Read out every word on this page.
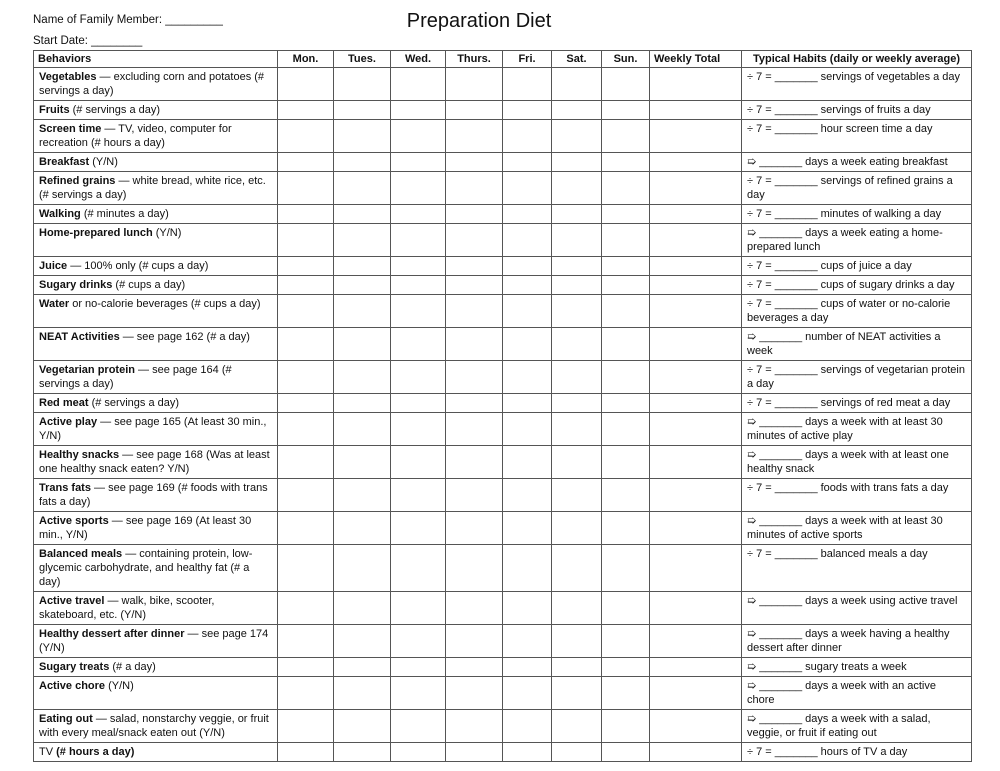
Name of Family Member: _________
Start Date: ________
Preparation Diet
Behaviors	Mon.	Tues.	Wed.	Thurs.	Fri.	Sat.	Sun.	Weekly Total	Typical Habits (daily or weekly average)
Vegetables — excluding corn and potatoes (# servings a day)									÷ 7 = _______ servings of vegetables a day
Fruits (# servings a day)									÷ 7 = _______ servings of fruits a day
Screen time — TV, video, computer for recreation (# hours a day)									÷ 7 = _______ hour screen time a day
Breakfast (Y/N)									➯ _______ days a week eating breakfast
Refined grains — white bread, white rice, etc. (# servings a day)									÷ 7 = _______ servings of refined grains a day
Walking (# minutes a day)									÷ 7 = _______ minutes of walking a day
Home-prepared lunch (Y/N)									➯ _______ days a week eating a home-prepared lunch
Juice — 100% only (# cups a day)									÷ 7 = _______ cups of juice a day
Sugary drinks (# cups a day)									÷ 7 = _______ cups of sugary drinks a day
Water or no-calorie beverages (# cups a day)									÷ 7 = _______ cups of water or no-calorie beverages a day
NEAT Activities — see page 162 (# a day)									➯ _______ number of NEAT activities a week
Vegetarian protein — see page 164 (# servings a day)									÷ 7 = _______ servings of vegetarian protein a day
Red meat (# servings a day)									÷ 7 = _______ servings of red meat a day
Active play — see page 165 (At least 30 min., Y/N)									➯ _______ days a week with at least 30 minutes of active play
Healthy snacks — see page 168 (Was at least one healthy snack eaten? Y/N)									➯ _______ days a week with at least one healthy snack
Trans fats — see page 169 (# foods with trans fats a day)									÷ 7 = _______ foods with trans fats a day
Active sports — see page 169 (At least 30 min., Y/N)									➯ _______ days a week with at least 30 minutes of active sports
Balanced meals — containing protein, low-glycemic carbohydrate, and healthy fat (# a day)									÷ 7 = _______ balanced meals a day
Active travel — walk, bike, scooter, skateboard, etc. (Y/N)									➯ _______ days a week using active travel
Healthy dessert after dinner — see page 174 (Y/N)									➯ _______ days a week having a healthy dessert after dinner
Sugary treats (# a day)									➯ _______ sugary treats a week
Active chore (Y/N)									➯ _______ days a week with an active chore
Eating out — salad, nonstarchy veggie, or fruit with every meal/snack eaten out (Y/N)									➯ _______ days a week with a salad, veggie, or fruit if eating out
TV (# hours a day)									÷ 7 = _______ hours of TV a day
